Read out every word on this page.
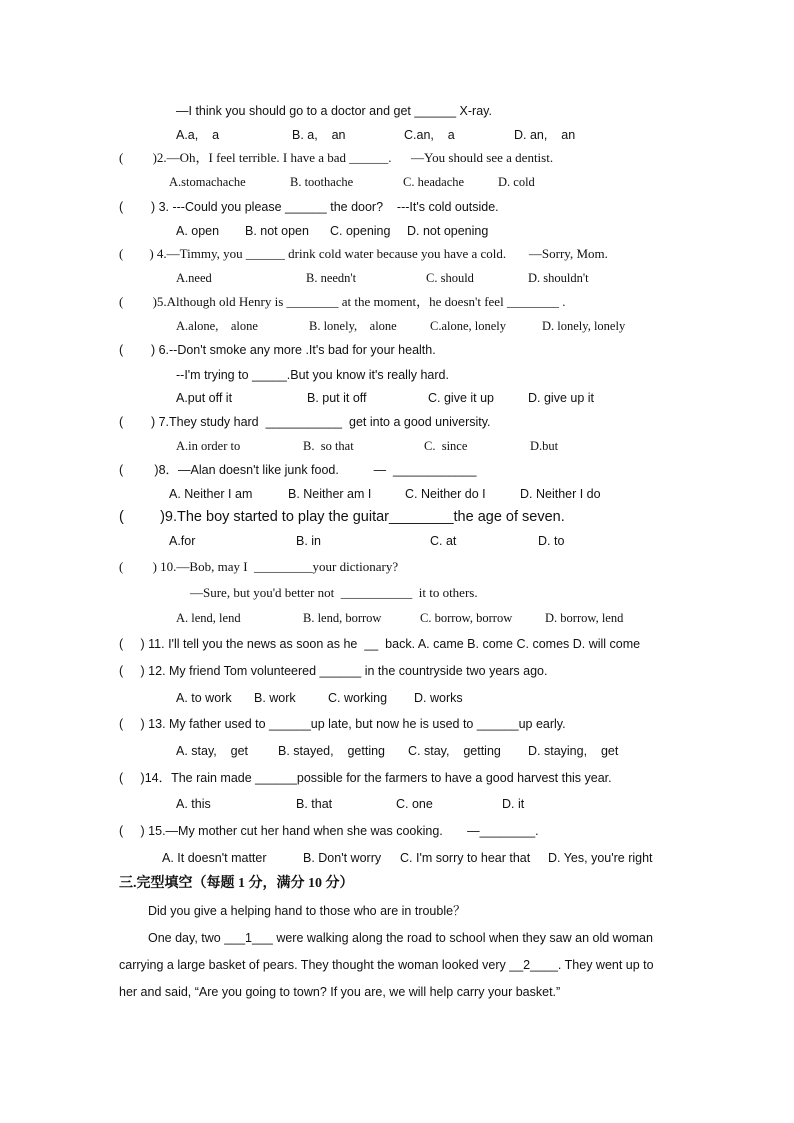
—I think you should go to a doctor and get ______ X-ray.
A.a,    a	B. a,    an	C.an,    a	D. an,    an
(         )2.—Oh，I feel terrible. I have a bad ______.      —You should see a dentist.
A.stomachache	B. toothache	C. headache	D. cold
(        ) 3. ---Could you please ______ the door?    ---It's cold outside.
A. open B. not open C. opening D. not opening
(        ) 4.—Timmy, you ______ drink cold water because you have a cold.       —Sorry, Mom.
A.need	B. needn't	C. should	D. shouldn't
(         )5.Although old Henry is ________ at the moment，he doesn't feel ________ .
A.alone,    alone	B. lonely,    alone	C.alone, lonely	D. lonely, lonely
(        ) 6.--Don't smoke any more .It's bad for your health.
--I'm trying to _____.But you know it's really hard.
A.put off it	B. put it off	C. give it up	D. give up it
(        ) 7.They study hard  ___________  get into a good university.
A.in order to	B.  so that	C.  since	D.but
(         )8．—Alan doesn't like junk food.          —  ____________
A. Neither I am	B. Neither am I	C. Neither do I	D. Neither I do
(         )9.The boy started to play the guitar________the age of seven.
A.for	B. in	C. at	D. to
(         ) 10.—Bob, may I  _________your dictionary?
—Sure, but you'd better not  ___________  it to others.
A. lend, lend	B. lend, borrow	C. borrow, borrow	D. borrow, lend
(     ) 11. I'll tell you the news as soon as he  __  back. A. came B. come C. comes D. will come
(     ) 12. My friend Tom volunteered ______ in the countryside two years ago.
A. to work B. work	C. working D. works
(     ) 13. My father used to ______up late, but now he is used to ______up early.
A. stay,    get B. stayed,    getting C. stay,    getting D. staying,    get
(     )14．The rain made ______possible for the farmers to have a good harvest this year.
A. this	B. that	C. one	D. it
(     ) 15.—My mother cut her hand when she was cooking.       —________.
A. It doesn't matter	B. Don't worry C. I'm sorry to hear that D. Yes, you're right
三.完型填空（每题 1 分，满分 10 分）
Did you give a helping hand to those who are in trouble？
One day, two ___1___ were walking along the road to school when they saw an old woman
carrying a large basket of pears. They thought the woman looked very __2____. They went up to
her and said, “Are you going to town? If you are, we will help carry your basket.”
